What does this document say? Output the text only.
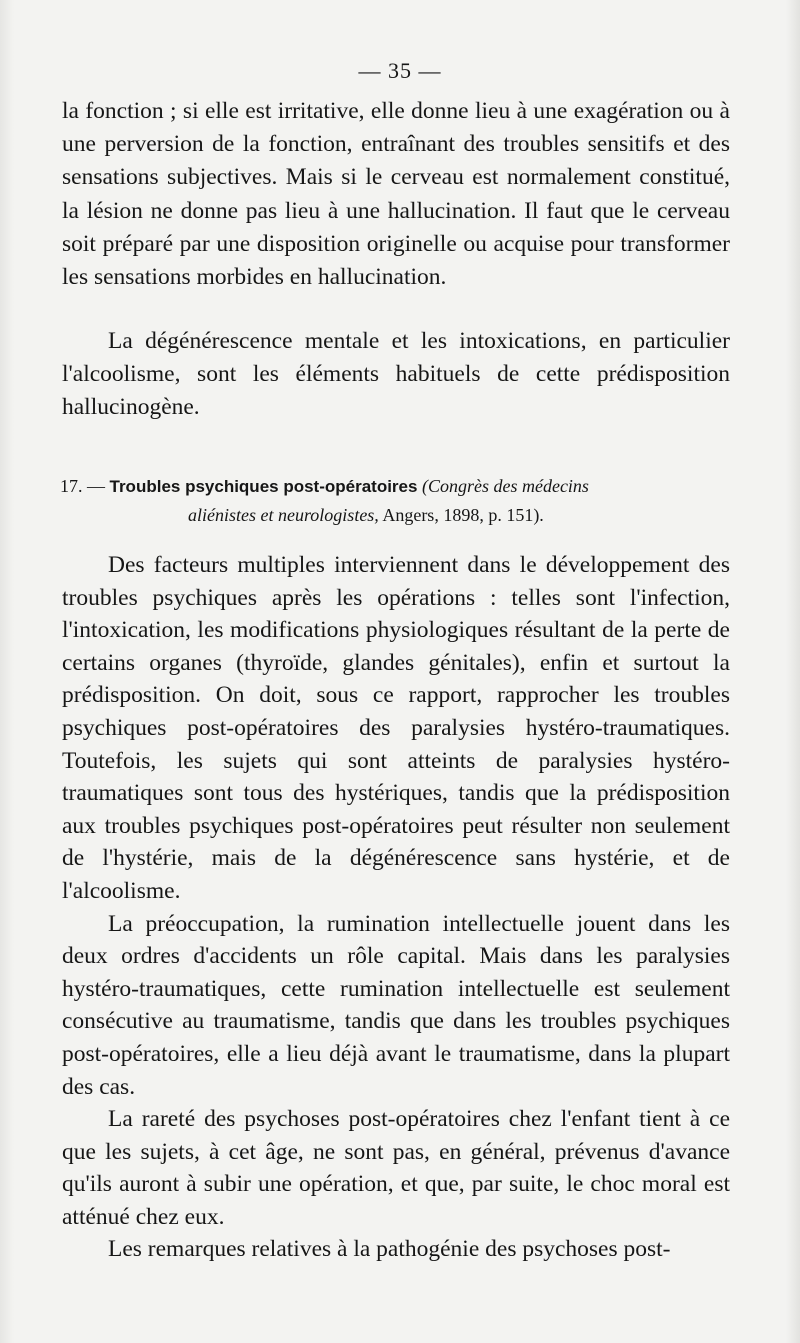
— 35 —

la fonction ; si elle est irritative, elle donne lieu à une exagération ou à une perversion de la fonction, entraînant des troubles sensitifs et des sensations subjectives. Mais si le cerveau est normalement constitué, la lésion ne donne pas lieu à une hallucination. Il faut que le cerveau soit préparé par une disposition originelle ou acquise pour transformer les sensations morbides en hallucination.

La dégénérescence mentale et les intoxications, en particulier l'alcoolisme, sont les éléments habituels de cette prédisposition hallucinogène.

17. — Troubles psychiques post-opératoires (Congrès des médecins
aliénistes et neurologistes, Angers, 1898, p. 151).

Des facteurs multiples interviennent dans le développement des troubles psychiques après les opérations : telles sont l'infection, l'intoxication, les modifications physiologiques résultant de la perte de certains organes (thyroïde, glandes génitales), enfin et surtout la prédisposition. On doit, sous ce rapport, rapprocher les troubles psychiques post-opératoires des paralysies hystéro-traumatiques. Toutefois, les sujets qui sont atteints de paralysies hystéro-traumatiques sont tous des hystériques, tandis que la prédisposition aux troubles psychiques post-opératoires peut résulter non seulement de l'hystérie, mais de la dégénérescence sans hystérie, et de l'alcoolisme.

La préoccupation, la rumination intellectuelle jouent dans les deux ordres d'accidents un rôle capital. Mais dans les paralysies hystéro-traumatiques, cette rumination intellectuelle est seulement consécutive au traumatisme, tandis que dans les troubles psychiques post-opératoires, elle a lieu déjà avant le traumatisme, dans la plupart des cas.

La rareté des psychoses post-opératoires chez l'enfant tient à ce que les sujets, à cet âge, ne sont pas, en général, prévenus d'avance qu'ils auront à subir une opération, et que, par suite, le choc moral est atténué chez eux.

Les remarques relatives à la pathogénie des psychoses post-
